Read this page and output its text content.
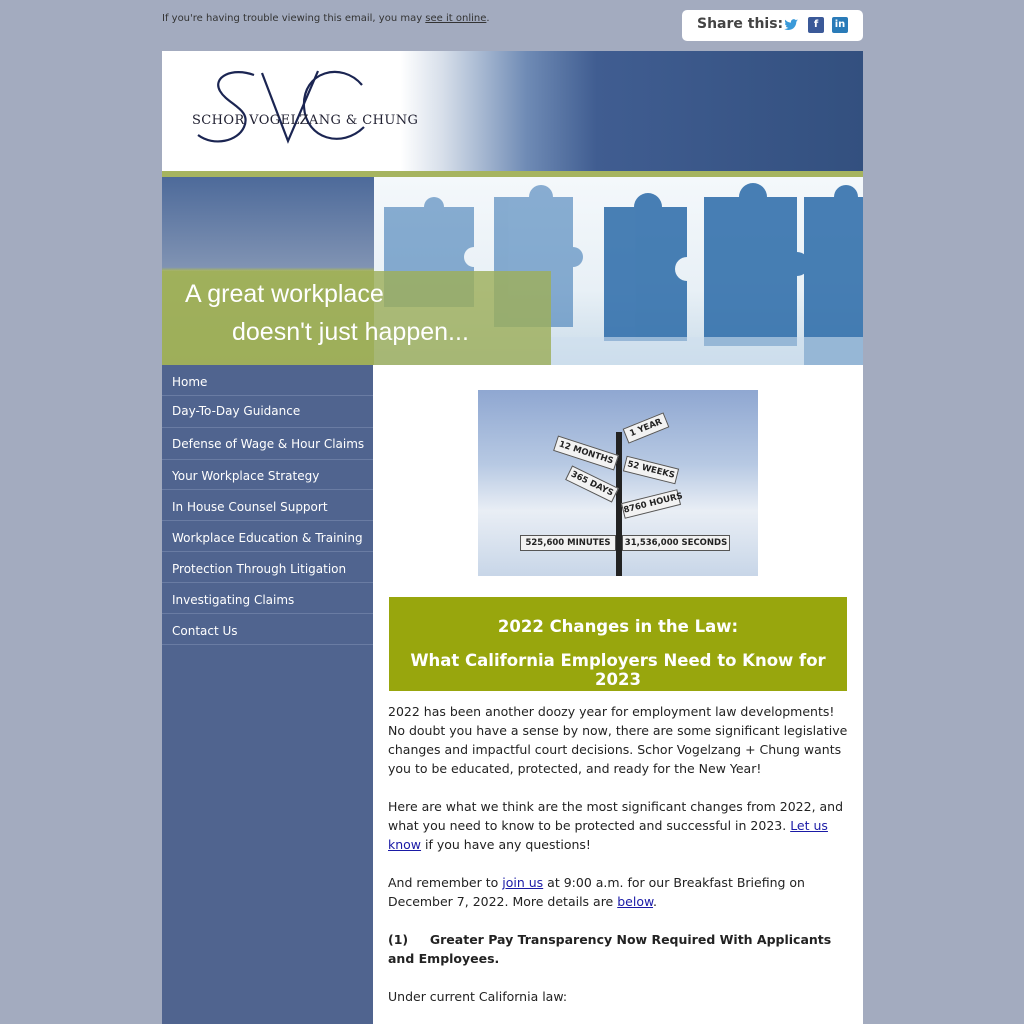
If you're having trouble viewing this email, you may see it online.	Share this:	f	in
SCHOR VOGELZANG & CHUNG
A great workplace
doesn't just happen...
Home
Day-To-Day Guidance
Defense of Wage & Hour Claims
Your Workplace Strategy
In House Counsel Support
Workplace Education & Training
Protection Through Litigation
Investigating Claims
Contact Us
1 YEAR
12 MONTHS
52 WEEKS
365 DAYS
8760 HOURS
525,600 MINUTES	31,536,000 SECONDS
2022 Changes in the Law:
What California Employers Need to Know for 2023
2022 has been another doozy year for employment law developments! No doubt you have a sense by now, there are some significant legislative changes and impactful court decisions. Schor Vogelzang + Chung wants you to be educated, protected, and ready for the New Year!
Here are what we think are the most significant changes from 2022, and what you need to know to be protected and successful in 2023. Let us know if you have any questions!
And remember to join us at 9:00 a.m. for our Breakfast Briefing on December 7, 2022. More details are below.
(1)     Greater Pay Transparency Now Required With Applicants and Employees.
Under current California law:
